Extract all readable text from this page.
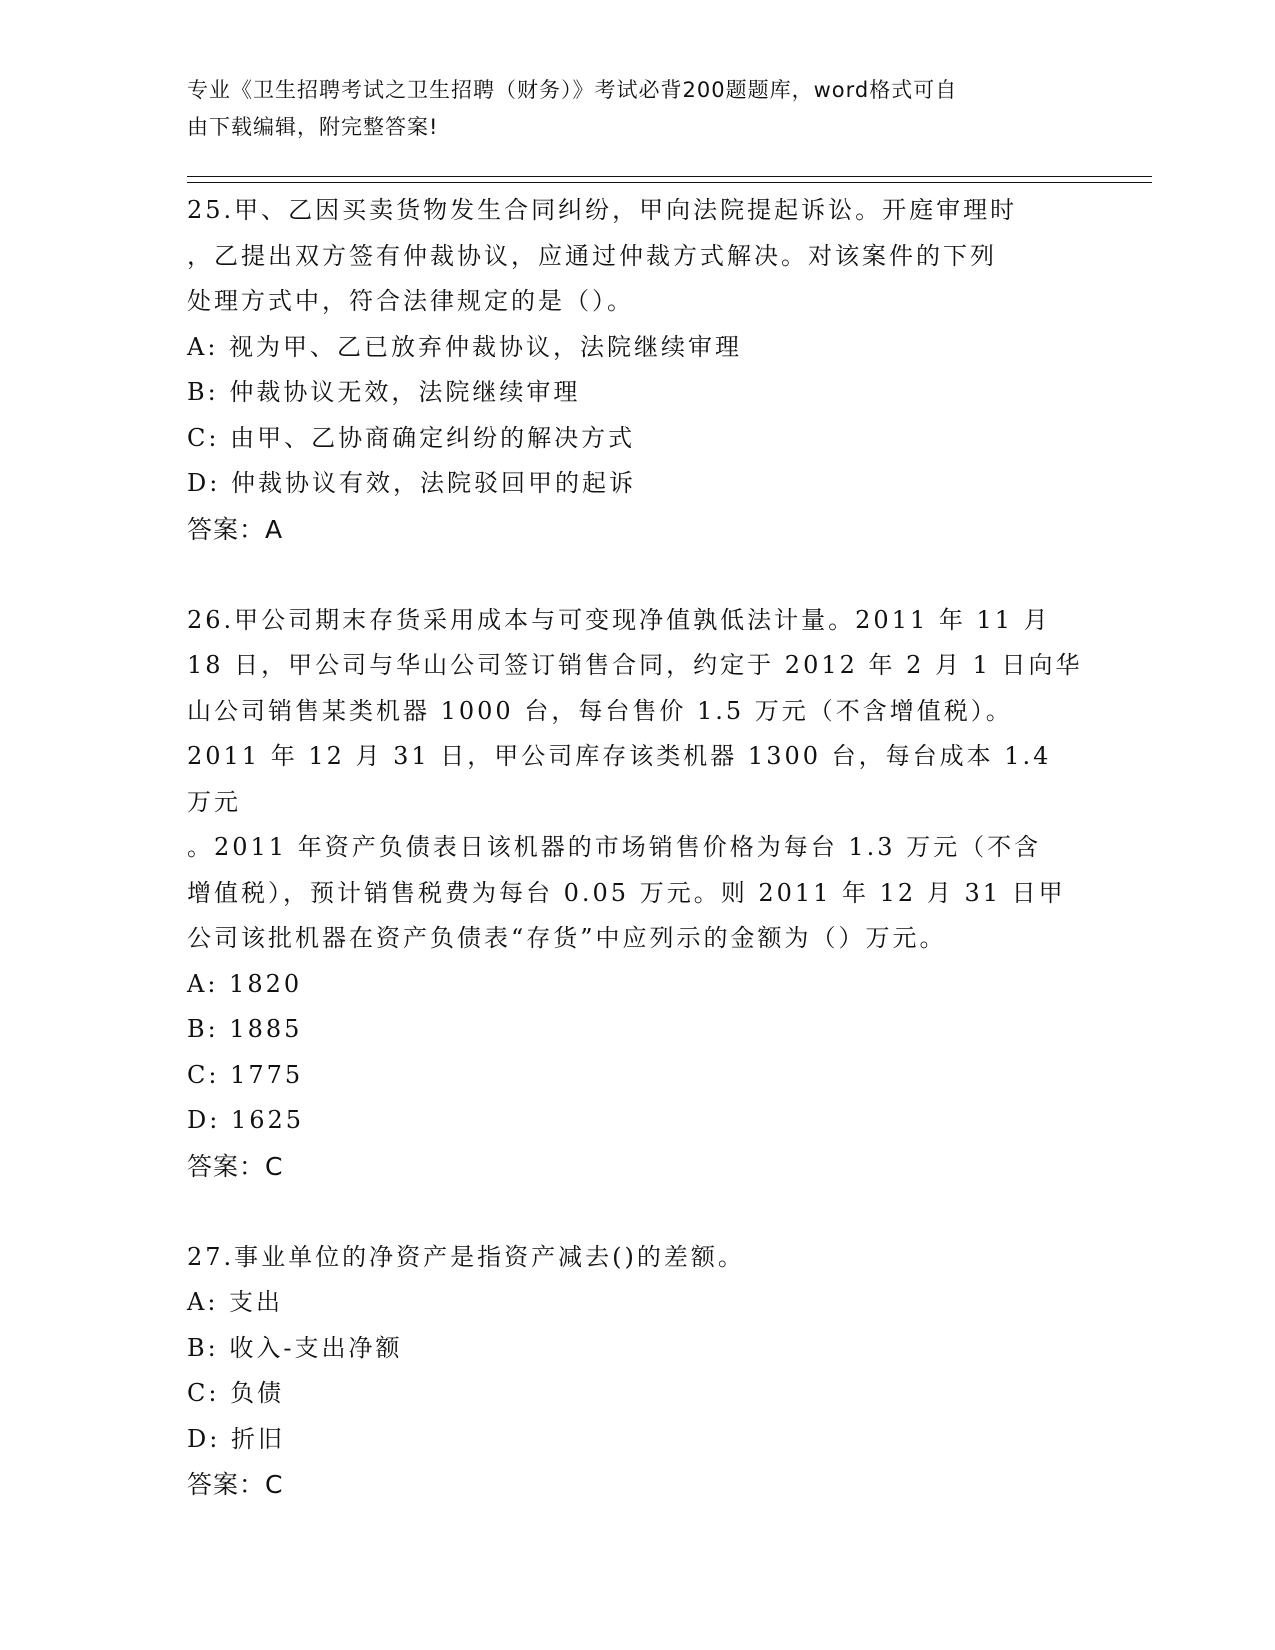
专业《卫生招聘考试之卫生招聘（财务）》考试必背200题题库，word格式可自
由下载编辑，附完整答案!

25.甲、乙因买卖货物发生合同纠纷，甲向法院提起诉讼。开庭审理时
，乙提出双方签有仲裁协议，应通过仲裁方式解决。对该案件的下列
处理方式中，符合法律规定的是（）。

A: 视为甲、乙已放弃仲裁协议，法院继续审理

B: 仲裁协议无效，法院继续审理

C: 由甲、乙协商确定纠纷的解决方式

D: 仲裁协议有效，法院驳回甲的起诉

答案：A

26.甲公司期末存货采用成本与可变现净值孰低法计量。2011 年 11 月
18 日，甲公司与华山公司签订销售合同，约定于 2012 年 2 月 1 日向华
山公司销售某类机器 1000 台，每台售价 1.5 万元（不含增值税）。
2011 年 12 月 31 日，甲公司库存该类机器 1300 台，每台成本 1.4 万元
。2011 年资产负债表日该机器的市场销售价格为每台 1.3 万元（不含
增值税），预计销售税费为每台 0.05 万元。则 2011 年 12 月 31 日甲
公司该批机器在资产负债表“存货”中应列示的金额为（）万元。

A: 1820

B: 1885

C: 1775

D: 1625

答案：C

27.事业单位的净资产是指资产减去()的差额。

A: 支出

B: 收入-支出净额

C: 负债

D: 折旧

答案：C
